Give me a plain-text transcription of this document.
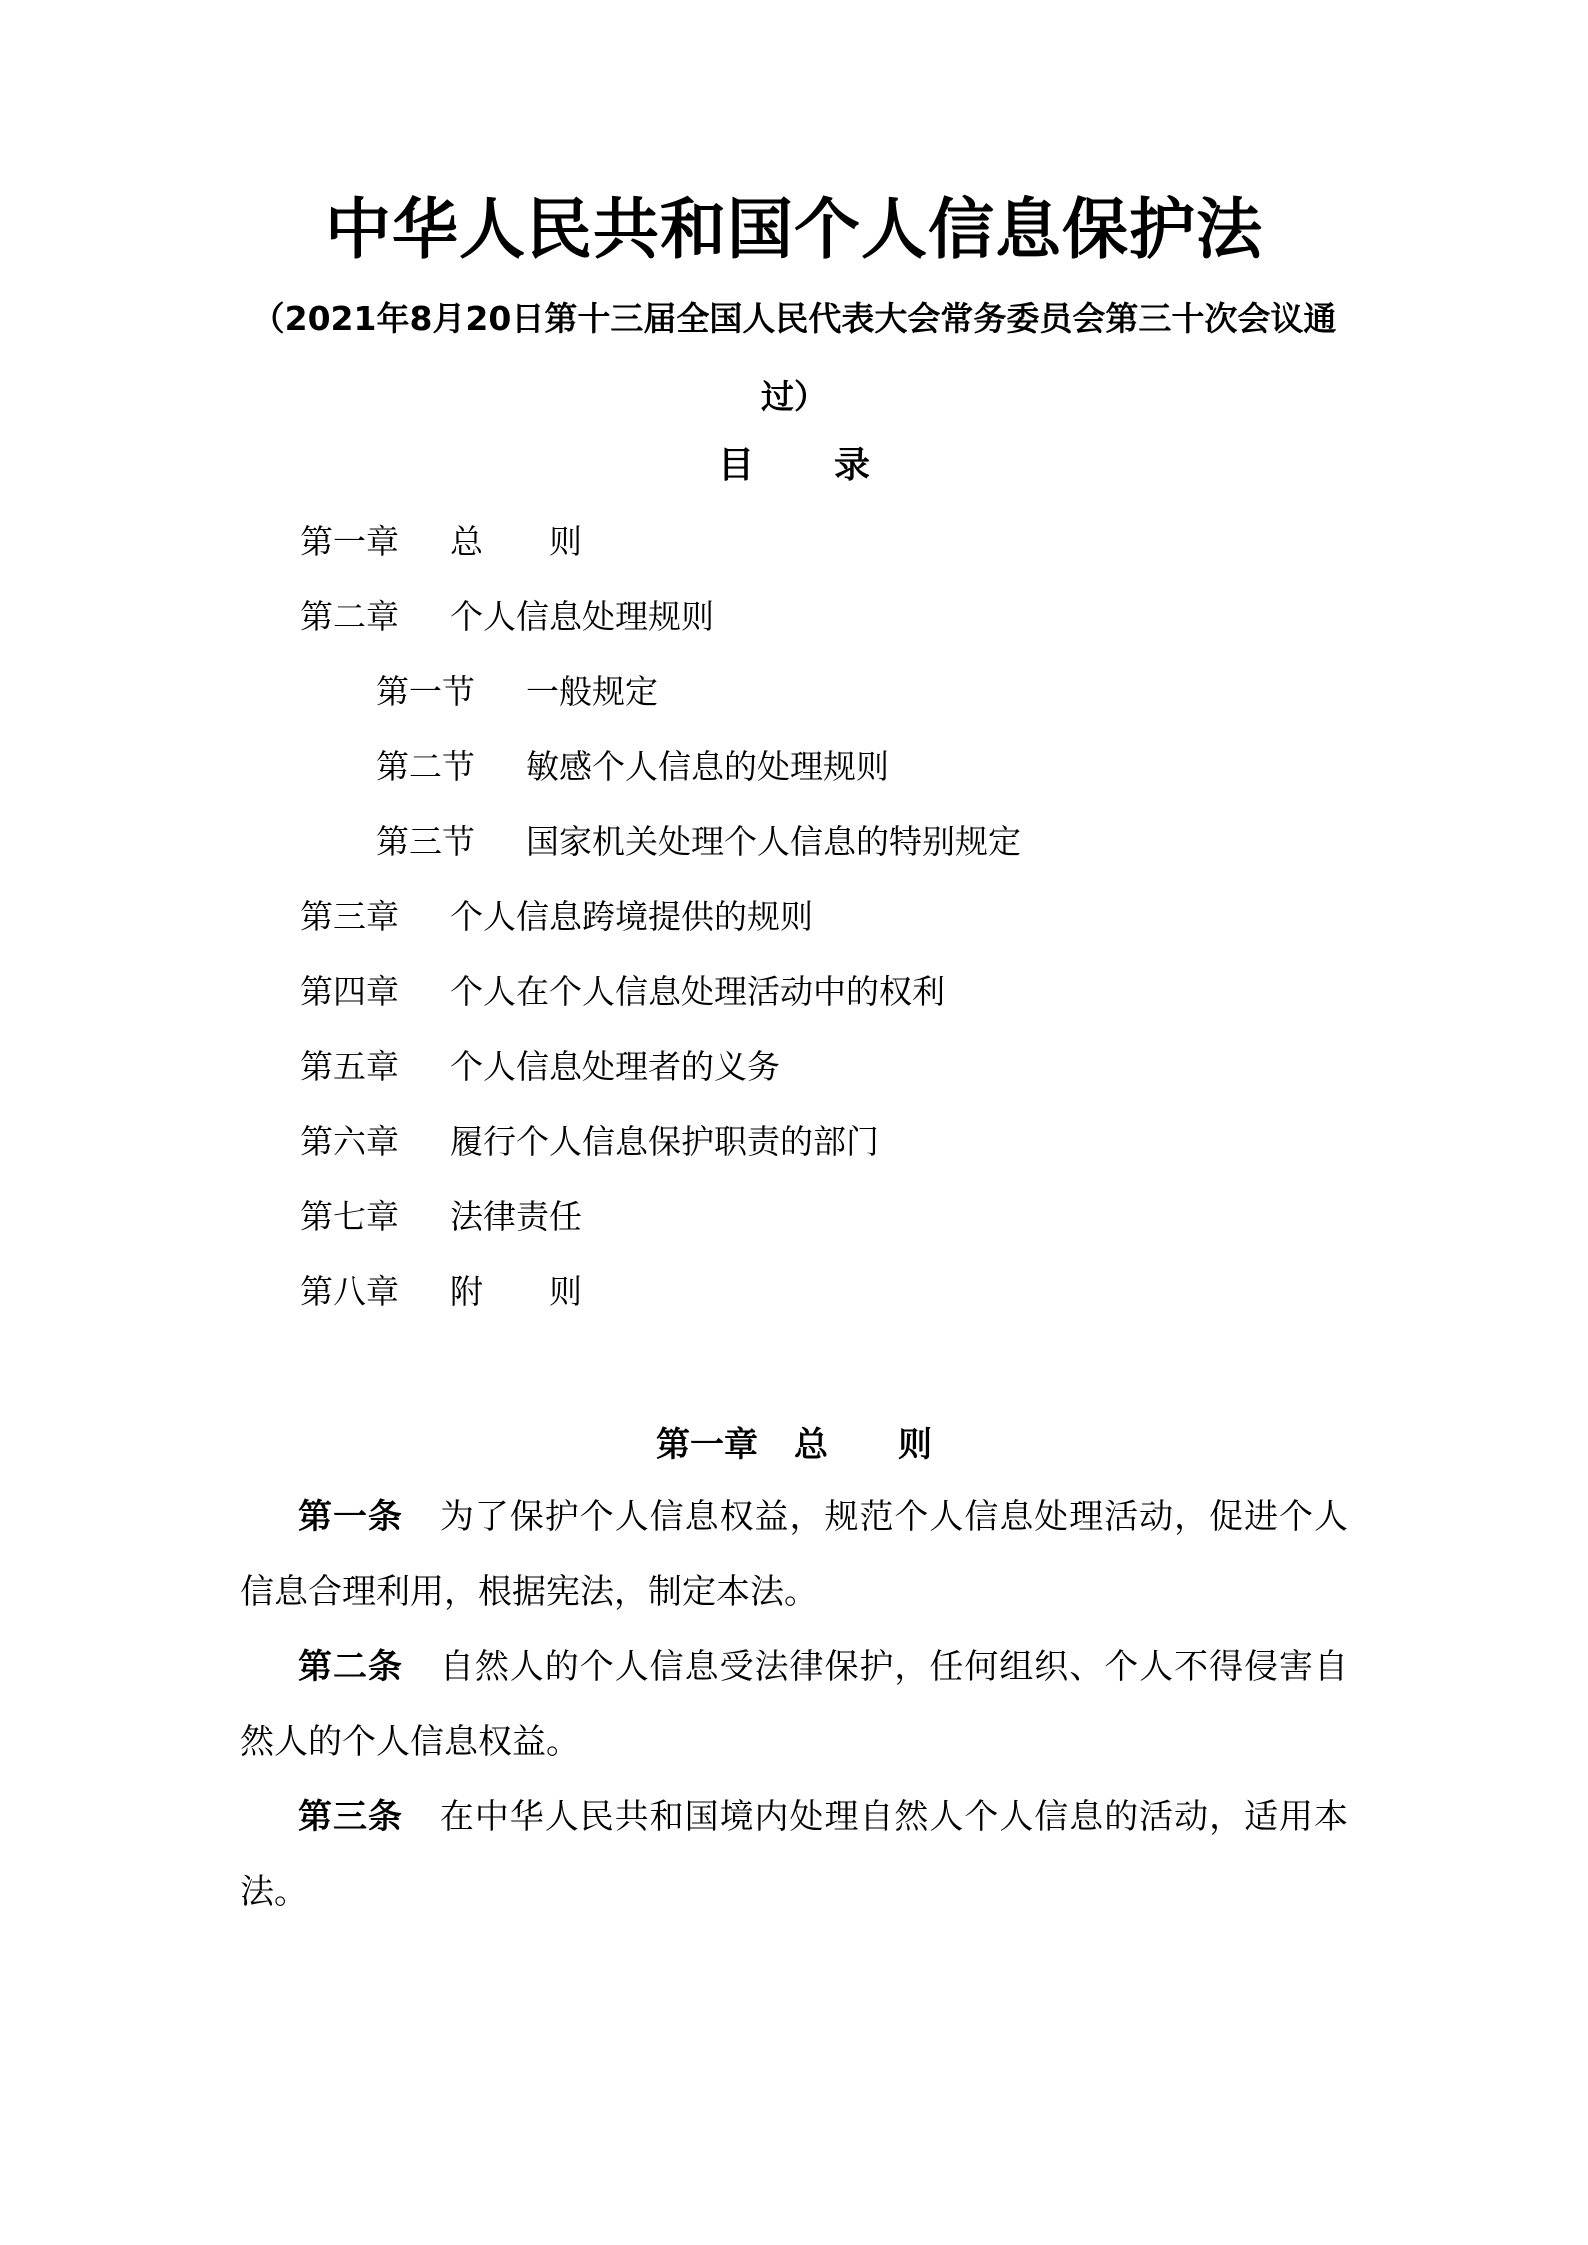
中华人民共和国个人信息保护法

（2021年8月20日第十三届全国人民代表大会常务委员会第三十次会议通过）

目 录
第一章 总　　则
第二章 个人信息处理规则
第一节 一般规定
第二节 敏感个人信息的处理规则
第三节 国家机关处理个人信息的特别规定
第三章 个人信息跨境提供的规则
第四章 个人在个人信息处理活动中的权利
第五章 个人信息处理者的义务
第六章 履行个人信息保护职责的部门
第七章 法律责任
第八章 附　　则
第一章 总 则

第一条 为了保护个人信息权益，规范个人信息处理活动，促进个人信息合理利用，根据宪法，制定本法。

第二条 自然人的个人信息受法律保护，任何组织、个人不得侵害自然人的个人信息权益。

第三条 在中华人民共和国境内处理自然人个人信息的活动，适用本法。
